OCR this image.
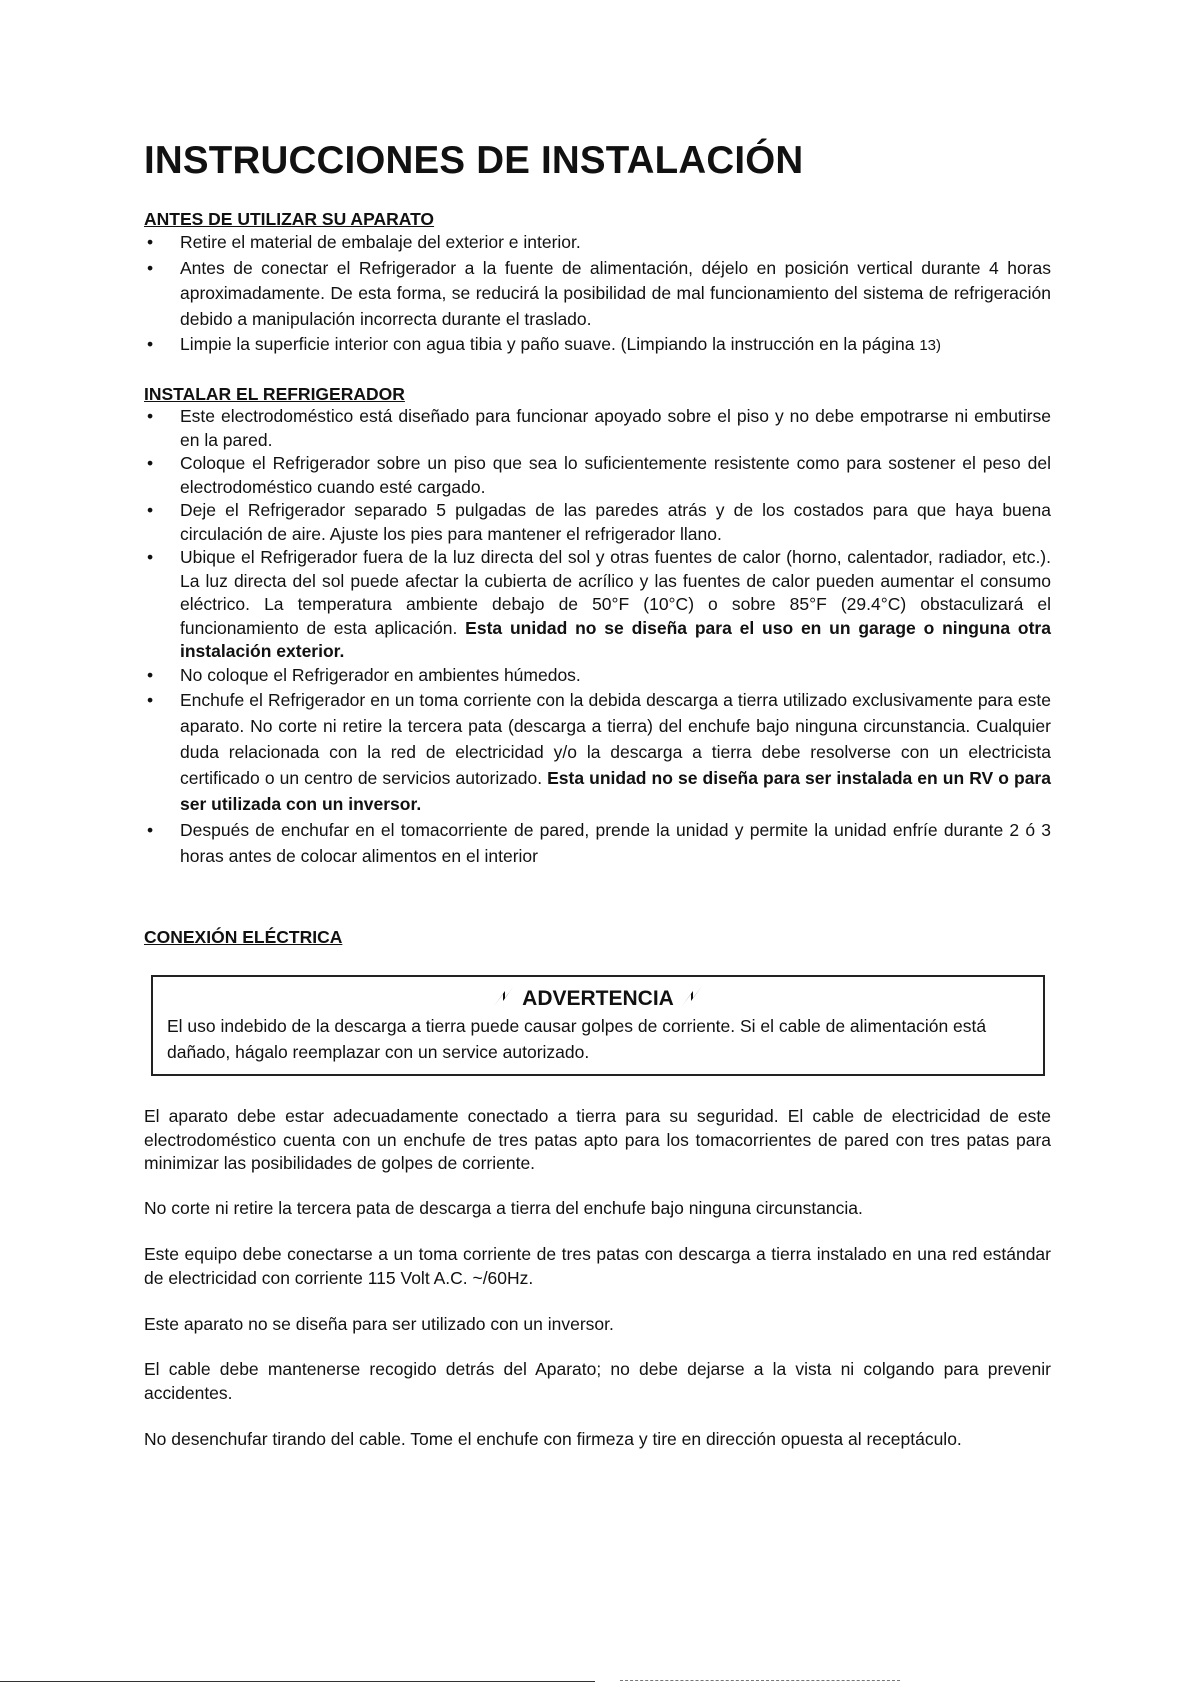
INSTRUCCIONES DE INSTALACIÓN
ANTES DE UTILIZAR SU APARATO
• Retire el material de embalaje del exterior e interior.
• Antes de conectar el Refrigerador a la fuente de alimentación, déjelo en posición vertical durante 4 horas aproximadamente. De esta forma, se reducirá la posibilidad de mal funcionamiento del sistema de refrigeración debido a manipulación incorrecta durante el traslado.
• Limpie la superficie interior con agua tibia y paño suave. (Limpiando la instrucción en la página 13)
INSTALAR EL REFRIGERADOR
• Este electrodoméstico está diseñado para funcionar apoyado sobre el piso y no debe empotrarse ni embutirse en la pared.
• Coloque el Refrigerador sobre un piso que sea lo suficientemente resistente como para sostener el peso del electrodoméstico cuando esté cargado.
• Deje el Refrigerador separado 5 pulgadas de las paredes atrás y de los costados para que haya buena circulación de aire. Ajuste los pies para mantener el refrigerador llano.
• Ubique el Refrigerador fuera de la luz directa del sol y otras fuentes de calor (horno, calentador, radiador, etc.). La luz directa del sol puede afectar la cubierta de acrílico y las fuentes de calor pueden aumentar el consumo eléctrico. La temperatura ambiente debajo de 50°F (10°C) o sobre 85°F (29.4°C) obstaculizará el funcionamiento de esta aplicación. Esta unidad no se diseña para el uso en un garage o ninguna otra instalación exterior.
• No coloque el Refrigerador en ambientes húmedos.
• Enchufe el Refrigerador en un toma corriente con la debida descarga a tierra utilizado exclusivamente para este aparato. No corte ni retire la tercera pata (descarga a tierra) del enchufe bajo ninguna circunstancia. Cualquier duda relacionada con la red de electricidad y/o la descarga a tierra debe resolverse con un electricista certificado o un centro de servicios autorizado. Esta unidad no se diseña para ser instalada en un RV o para ser utilizada con un inversor.
• Después de enchufar en el tomacorriente de pared, prende la unidad y permite la unidad enfríe durante 2 ó 3 horas antes de colocar alimentos en el interior
CONEXIÓN ELÉCTRICA

ADVERTENCIA

El uso indebido de la descarga a tierra puede causar golpes de corriente. Si el cable de alimentación está dañado, hágalo reemplazar con un service autorizado.

El aparato debe estar adecuadamente conectado a tierra para su seguridad. El cable de electricidad de este electrodoméstico cuenta con un enchufe de tres patas apto para los tomacorrientes de pared con tres patas para minimizar las posibilidades de golpes de corriente.

No corte ni retire la tercera pata de descarga a tierra del enchufe bajo ninguna circunstancia.

Este equipo debe conectarse a un toma corriente de tres patas con descarga a tierra instalado en una red estándar de electricidad con corriente 115 Volt A.C. ~/60Hz.

Este aparato no se diseña para ser utilizado con un inversor.

El cable debe mantenerse recogido detrás del Aparato; no debe dejarse a la vista ni colgando para prevenir accidentes.

No desenchufar tirando del cable. Tome el enchufe con firmeza y tire en dirección opuesta al receptáculo.
